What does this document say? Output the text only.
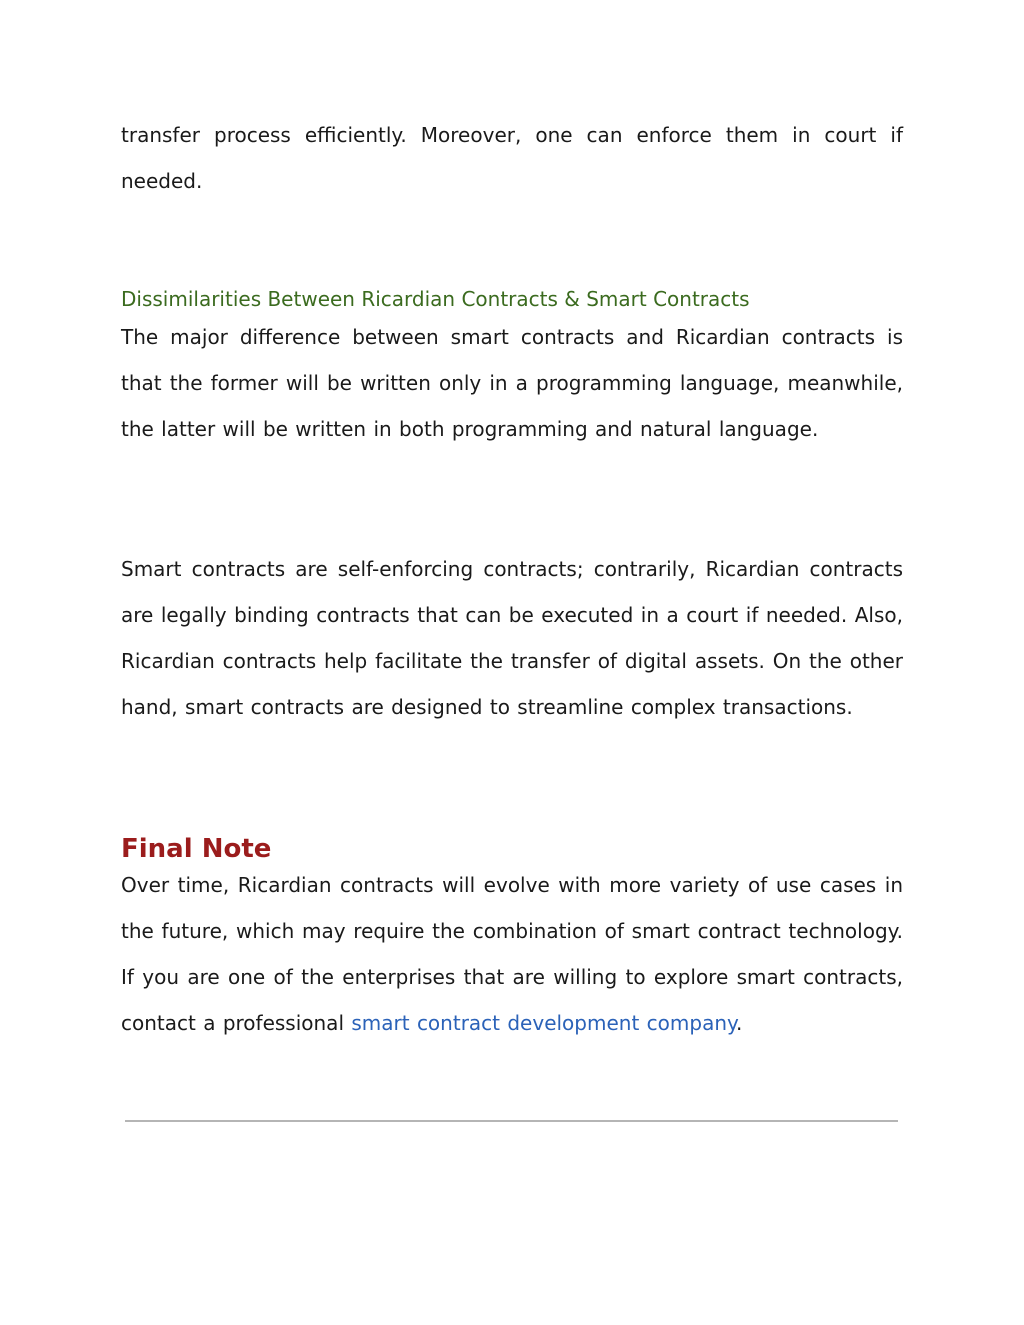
transfer process efficiently. Moreover, one can enforce them in court if needed.

Dissimilarities Between Ricardian Contracts & Smart Contracts

The major difference between smart contracts and Ricardian contracts is that the former will be written only in a programming language, meanwhile, the latter will be written in both programming and natural language.

Smart contracts are self-enforcing contracts; contrarily, Ricardian contracts are legally binding contracts that can be executed in a court if needed. Also, Ricardian contracts help facilitate the transfer of digital assets. On the other hand, smart contracts are designed to streamline complex transactions.

Final Note

Over time, Ricardian contracts will evolve with more variety of use cases in the future, which may require the combination of smart contract technology. If you are one of the enterprises that are willing to explore smart contracts, contact a professional smart contract development company.
